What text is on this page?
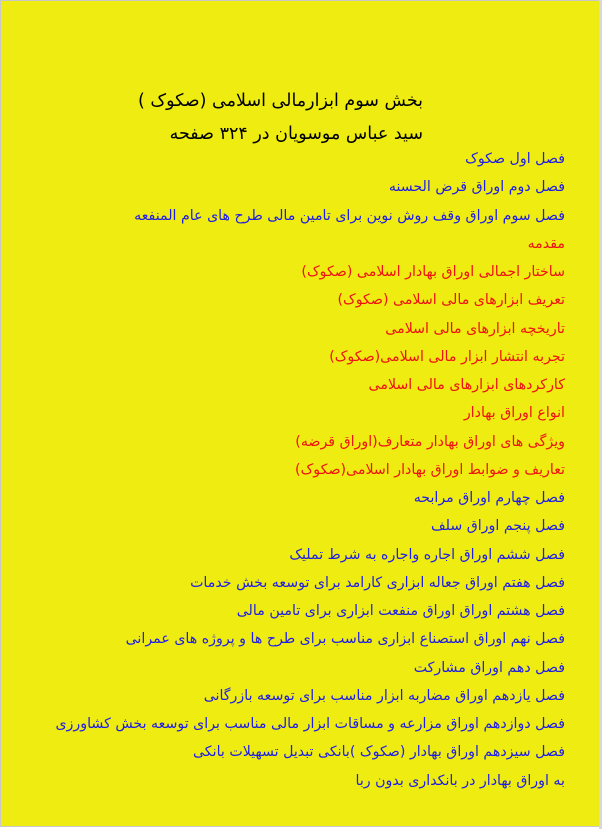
بخش سوم ابزارمالی اسلامی (صکوک )
سید عباس موسویان در ۳۲۴ صفحه
فصل اول صکوک
فصل دوم اوراق قرض الحسنه
فصل سوم اوراق وقف روش نوین برای تامین مالی طرح های عام المنفعه
مقدمه
ساختار اجمالی اوراق بهادار اسلامی (صکوک)
تعریف ابزارهای مالی اسلامی (صکوک)
تاریخچه ابزارهای مالی اسلامی
تجربه انتشار ابزار مالی اسلامی(صکوک)
کارکردهای ابزارهای مالی اسلامی
انواع اوراق بهادار
ویژگی های اوراق بهادار متعارف(اوراق قرضه)
تعاریف و ضوابط اوراق بهادار اسلامی(صکوک)
فصل چهارم اوراق مرابحه
فصل پنجم اوراق سلف
فصل ششم اوراق اجاره واجاره به شرط تملیک
فصل هفتم اوراق جعاله ابزاری کارامد برای توسعه بخش خدمات
فصل هشتم اوراق اوراق منفعت ابزاری برای تامین مالی
فصل نهم اوراق استصناع ابزاری مناسب برای طرح ها و پروژه های عمرانی
فصل دهم اوراق مشارکت
فصل یازدهم اوراق مضاربه ابزار مناسب برای توسعه بازرگانی
فصل دوازدهم اوراق مزارعه و مساقات ابزار مالی مناسب برای توسعه بخش کشاورزی
فصل سیزدهم اوراق بهادار (صکوک )بانکی تبدیل تسهیلات بانکی
به اوراق بهادار در بانکداری بدون ربا
